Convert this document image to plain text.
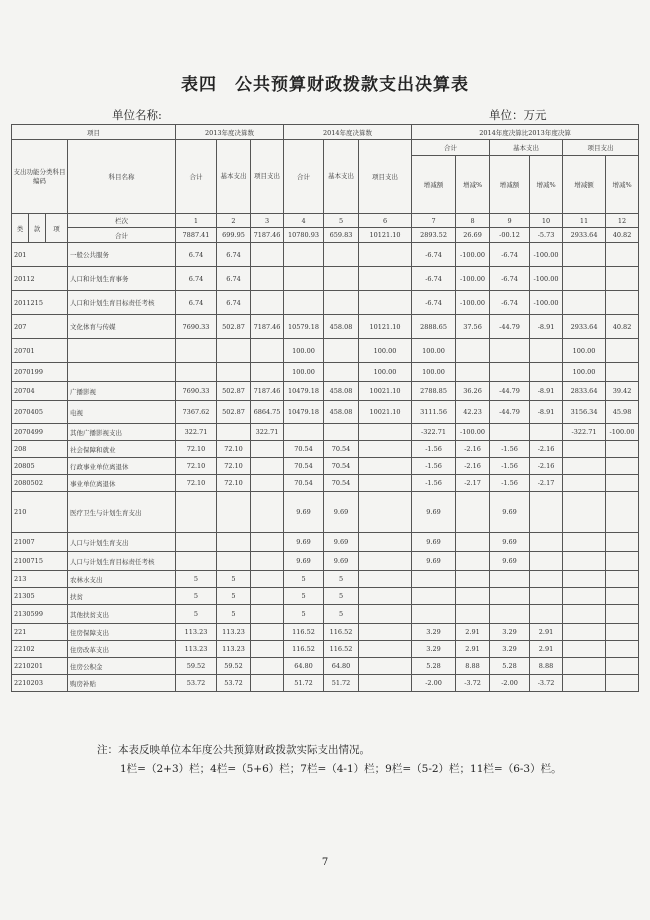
表四　公共预算财政拨款支出决算表
单位名称:	单位：万元
项目				2013年度决算数			2014年度决算数			2014年度决算比2013年度决算					
支出功能分类科目编码			科目名称	合计	基本支出	项目支出	合计	基本支出	项目支出	合计		基本支出		项目支出	
										增减额	增减%	增减额	增减%	增减额	增减%
类	款	项	栏次	1	2	3	4	5	6	7	8	9	10	11	12
			合计	7887.41	699.95	7187.46	10780.93	659.83	10121.10	2893.52	26.69	-00.12	-5.73	2933.64	40.82
201			一般公共服务	6.74	6.74					-6.74	-100.00	-6.74	-100.00		
20112			人口和计划生育事务	6.74	6.74					-6.74	-100.00	-6.74	-100.00		
2011215			人口和计划生育目标责任考核	6.74	6.74					-6.74	-100.00	-6.74	-100.00		
207			文化体育与传媒	7690.33	502.87	7187.46	10579.18	458.08	10121.10	2888.65	37.56	-44.79	-8.91	2933.64	40.82
20701							100.00		100.00	100.00				100.00	
2070199							100.00		100.00	100.00				100.00	
20704			广播影视	7690.33	502.87	7187.46	10479.18	458.08	10021.10	2788.85	36.26	-44.79	-8.91	2833.64	39.42
2070405			电视	7367.62	502.87	6864.75	10479.18	458.08	10021.10	3111.56	42.23	-44.79	-8.91	3156.34	45.98
2070499			其他广播影视支出	322.71		322.71				-322.71	-100.00			-322.71	-100.00
208			社会保障和就业	72.10	72.10		70.54	70.54		-1.56	-2.16	-1.56	-2.16		
20805			行政事业单位离退休	72.10	72.10		70.54	70.54		-1.56	-2.16	-1.56	-2.16		
2080502			事业单位离退休	72.10	72.10		70.54	70.54		-1.56	-2.17	-1.56	-2.17		
210			医疗卫生与计划生育支出				9.69	9.69		9.69		9.69			
21007			人口与计划生育支出				9.69	9.69		9.69		9.69			
2100715			人口与计划生育目标责任考核				9.69	9.69		9.69		9.69			
213			农林水支出	5	5		5	5							
21305			扶贫	5	5		5	5							
2130599			其他扶贫支出	5	5		5	5							
221			住房保障支出	113.23	113.23		116.52	116.52		3.29	2.91	3.29	2.91		
22102			住房改革支出	113.23	113.23		116.52	116.52		3.29	2.91	3.29	2.91		
2210201			住房公积金	59.52	59.52		64.80	64.80		5.28	8.88	5.28	8.88		
2210203			购房补贴	53.72	53.72		51.72	51.72		-2.00	-3.72	-2.00	-3.72		
注：本表反映单位本年度公共预算财政拨款实际支出情况。
1栏=（2+3）栏；4栏=（5+6）栏；7栏=（4-1）栏；9栏=（5-2）栏；11栏=（6-3）栏。
7
